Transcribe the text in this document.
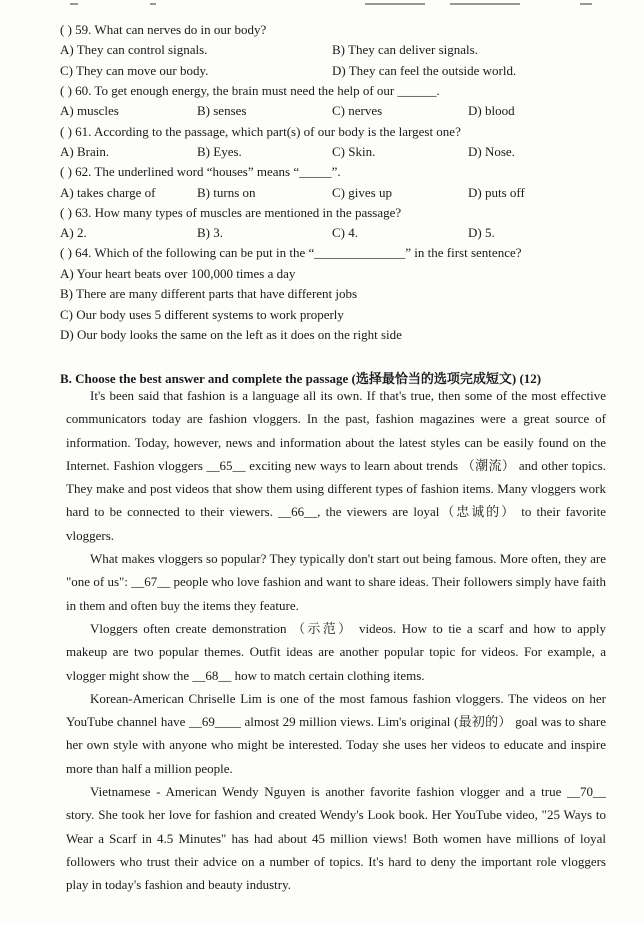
( ) 59. What can nerves do in our body?
A) They can control signals.	B) They can deliver signals.
C) They can move our body.	D) They can feel the outside world.
( ) 60. To get enough energy, the brain must need the help of our ______.
A) muscles	B) senses	C) nerves	D) blood
( ) 61. According to the passage, which part(s) of our body is the largest one?
A) Brain.	B) Eyes.	C) Skin.	D) Nose.
( ) 62. The underlined word “houses” means “_____”.
A) takes charge of	B) turns on	C) gives up	D) puts off
( ) 63. How many types of muscles are mentioned in the passage?
A) 2.	B) 3.	C) 4.	D) 5.
( ) 64. Which of the following can be put in the “______________” in the first sentence?
A) Your heart beats over 100,000 times a day
B) There are many different parts that have different jobs
C) Our body uses 5 different systems to work properly
D) Our body looks the same on the left as it does on the right side
B. Choose the best answer and complete the passage (选择最恰当的选项完成短文) (12)

It's been said that fashion is a language all its own. If that's true, then some of the most effective communicators today are fashion vloggers. In the past, fashion magazines were a great source of information. Today, however, news and information about the latest styles can be easily found on the Internet. Fashion vloggers __65__ exciting new ways to learn about trends （潮流） and other topics. They make and post videos that show them using different types of fashion items. Many vloggers work hard to be connected to their viewers. __66__, the viewers are loyal（忠诚的） to their favorite vloggers.

What makes vloggers so popular? They typically don't start out being famous. More often, they are "one of us": __67__ people who love fashion and want to share ideas. Their followers simply have faith in them and often buy the items they feature.

Vloggers often create demonstration （示范） videos. How to tie a scarf and how to apply makeup are two popular themes. Outfit ideas are another popular topic for videos. For example, a vlogger might show the __68__ how to match certain clothing items.

Korean-American Chriselle Lim is one of the most famous fashion vloggers. The videos on her YouTube channel have __69____ almost 29 million views. Lim's original (最初的） goal was to share her own style with anyone who might be interested. Today she uses her videos to educate and inspire more than half a million people.

Vietnamese - American Wendy Nguyen is another favorite fashion vlogger and a true __70__ story. She took her love for fashion and created Wendy's Look book. Her YouTube video, "25 Ways to Wear a Scarf in 4.5 Minutes" has had about 45 million views! Both women have millions of loyal followers who trust their advice on a number of topics. It's hard to deny the important role vloggers play in today's fashion and beauty industry.
